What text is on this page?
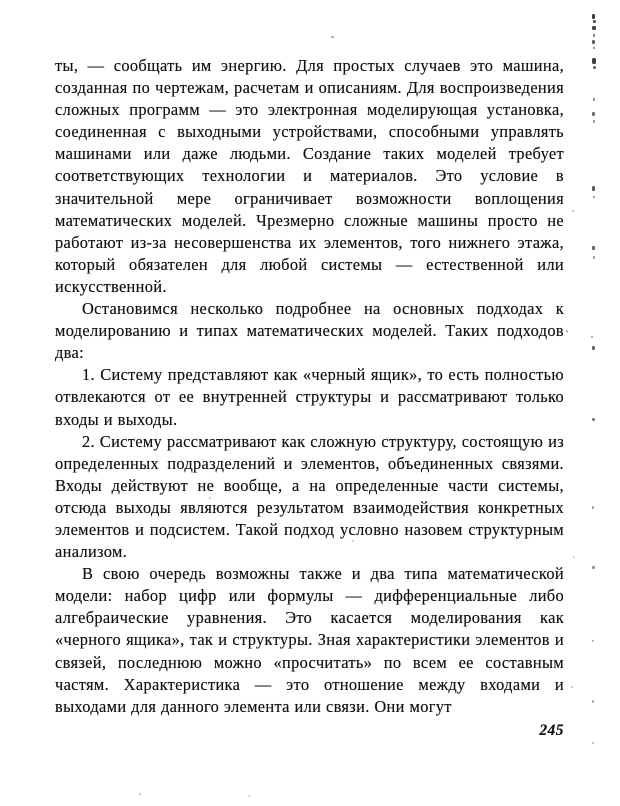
ты, — сообщать им энергию. Для простых случаев это машина, созданная по чертежам, расчетам и описаниям. Для воспроизведения сложных программ — это электронная моделирующая установка, соединенная с выходными устройствами, способными управлять машинами или даже людьми. Создание таких моделей требует соответствующих технологии и материалов. Это условие в значительной мере ограничивает возможности воплощения математических моделей. Чрезмерно сложные машины просто не работают из-за несовершенства их элементов, того нижнего этажа, который обязателен для любой системы — естественной или искусственной.

Остановимся несколько подробнее на основных подходах к моделированию и типах математических моделей. Таких подходов два:

1. Систему представляют как «черный ящик», то есть полностью отвлекаются от ее внутренней структуры и рассматривают только входы и выходы.

2. Систему рассматривают как сложную структуру, состоящую из определенных подразделений и элементов, объединенных связями. Входы действуют не вообще, а на определенные части системы, отсюда выходы являются результатом взаимодействия конкретных элементов и подсистем. Такой подход условно назовем структурным анализом.

В свою очередь возможны также и два типа математической модели: набор цифр или формулы — дифференциальные либо алгебраические уравнения. Это касается моделирования как «черного ящика», так и структуры. Зная характеристики элементов и связей, последнюю можно «просчитать» по всем ее составным частям. Характеристика — это отношение между входами и выходами для данного элемента или связи. Они могут

245
